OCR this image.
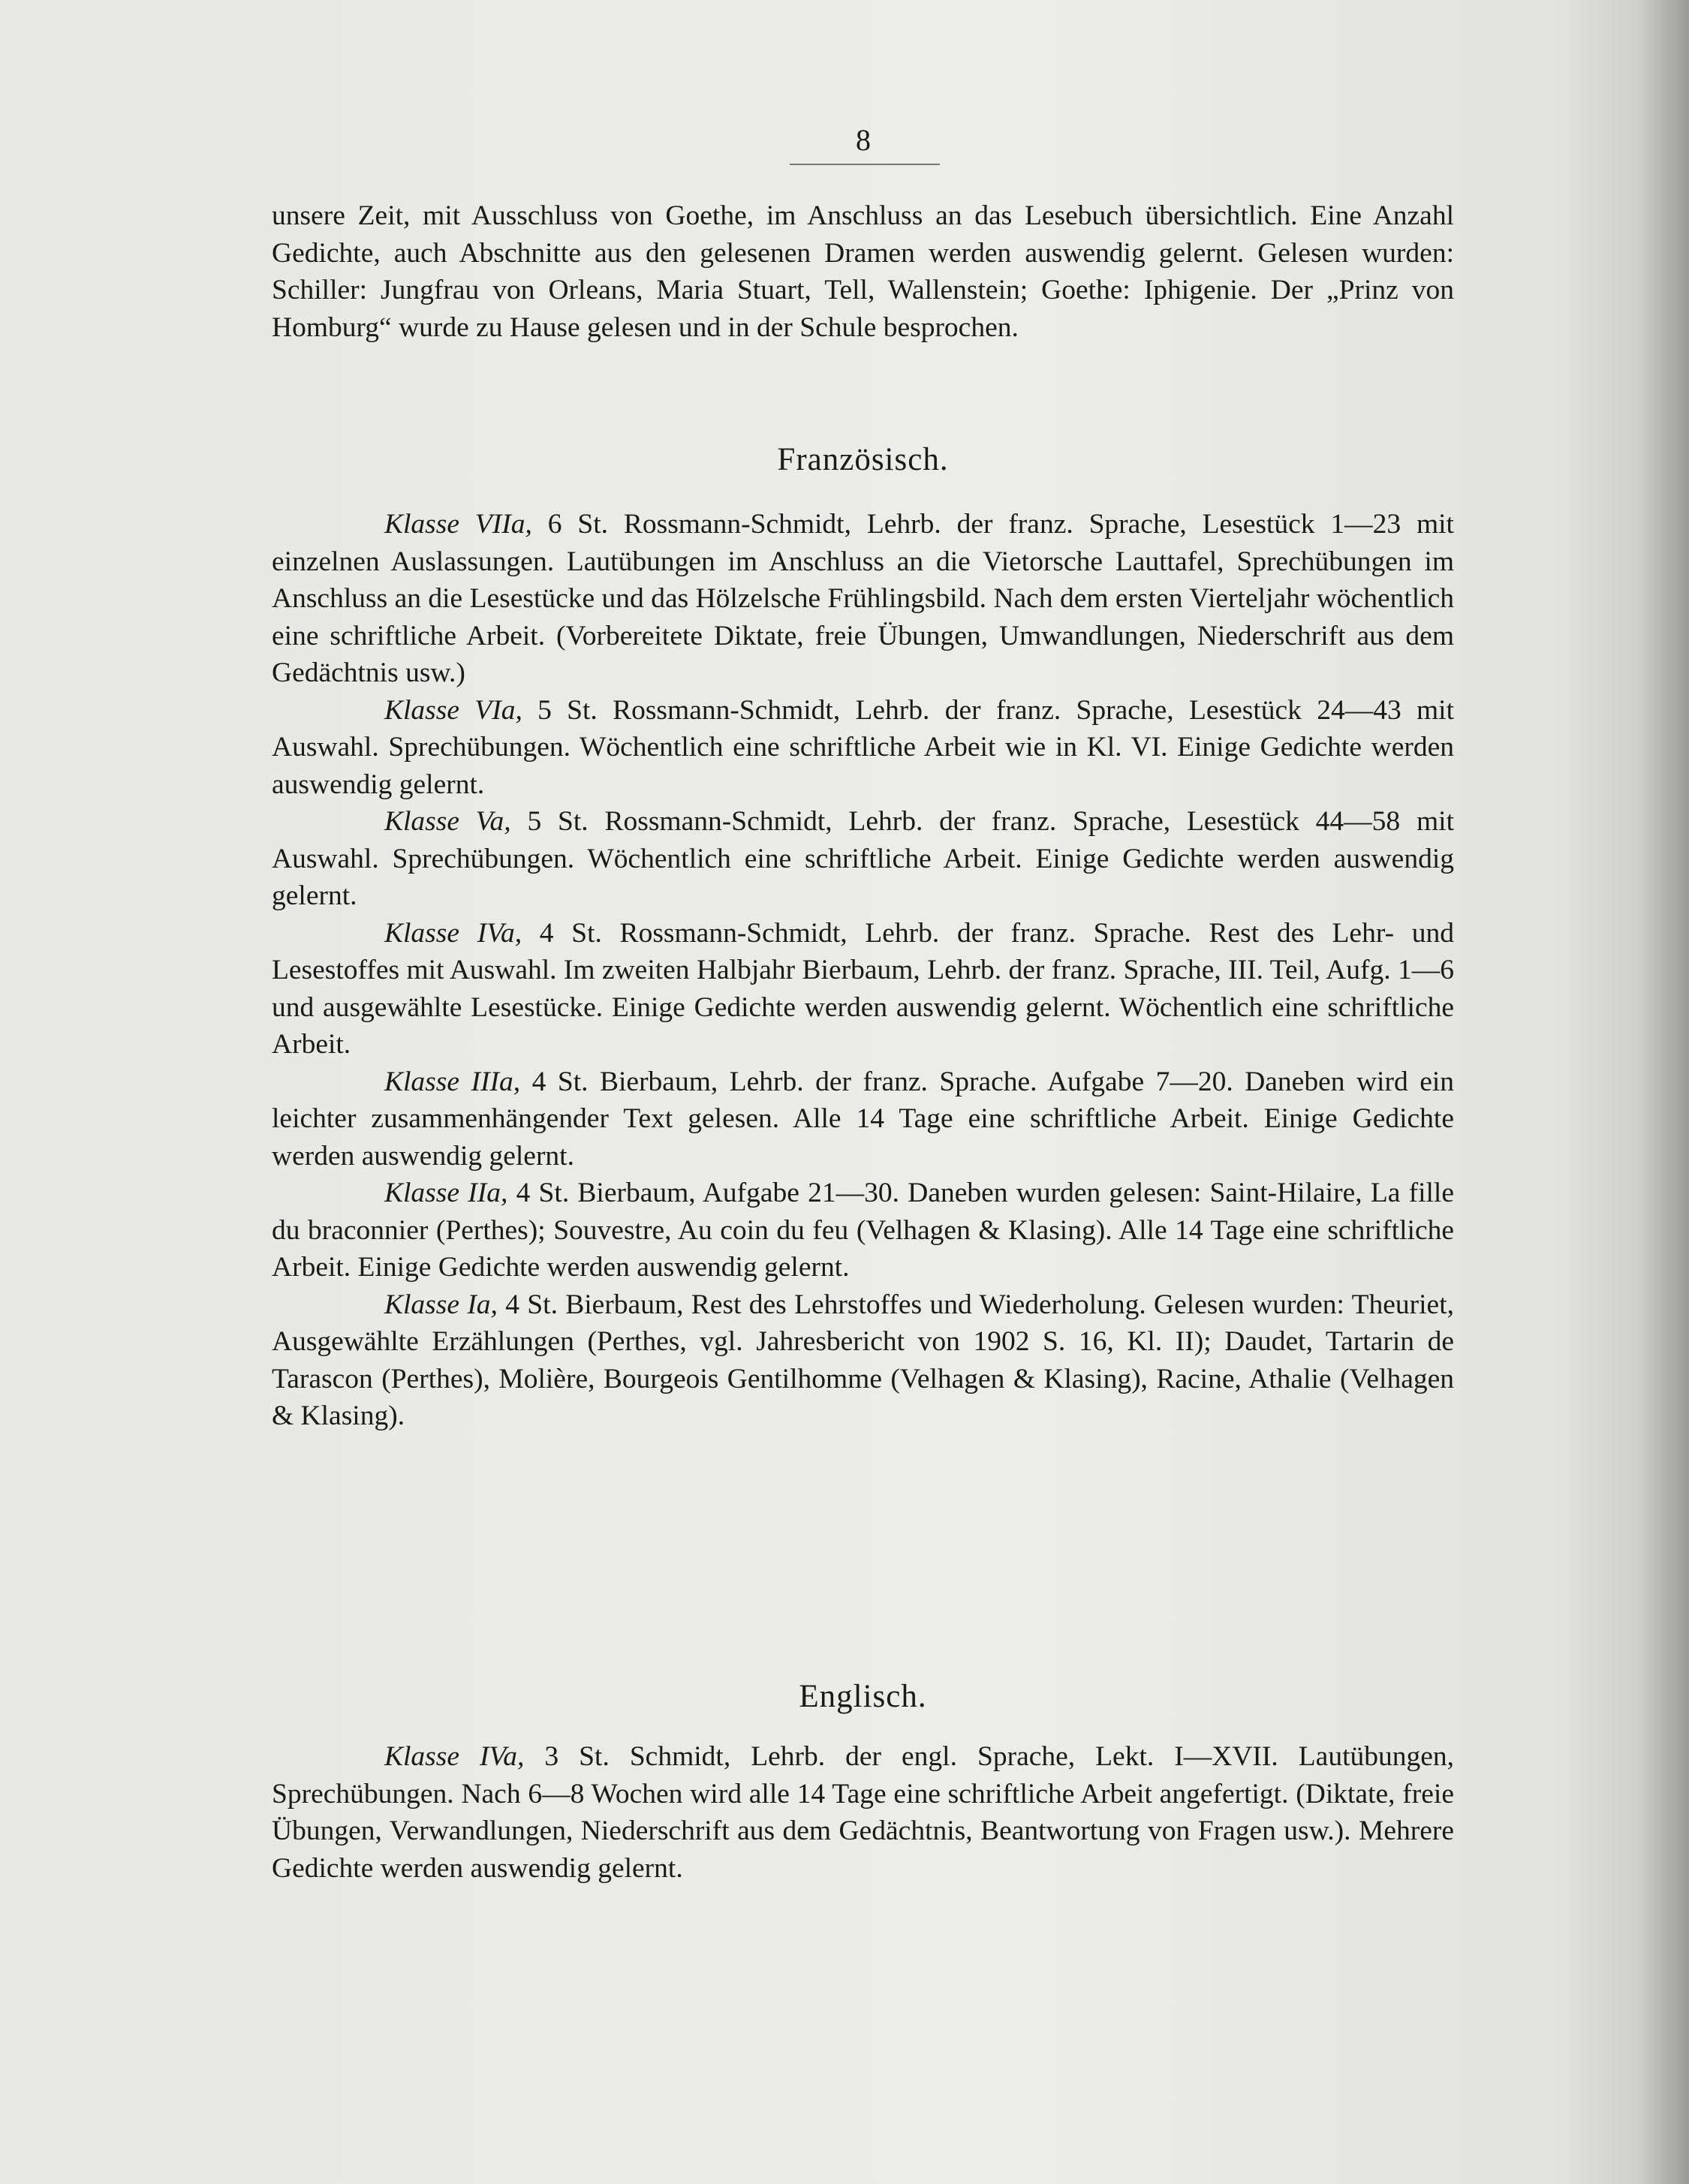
8

unsere Zeit, mit Ausschluss von Goethe, im Anschluss an das Lesebuch übersichtlich. Eine Anzahl Gedichte, auch Abschnitte aus den gelesenen Dramen werden auswendig gelernt. Gelesen wurden: Schiller: Jungfrau von Orleans, Maria Stuart, Tell, Wallenstein; Goethe: Iphigenie. Der „Prinz von Homburg“ wurde zu Hause gelesen und in der Schule besprochen.

Französisch.

Klasse VIIa, 6 St. Rossmann-Schmidt, Lehrb. der franz. Sprache, Lesestück 1—23 mit einzelnen Auslassungen. Lautübungen im Anschluss an die Vietorsche Lauttafel, Sprechübungen im Anschluss an die Lesestücke und das Hölzelsche Frühlingsbild. Nach dem ersten Vierteljahr wöchentlich eine schriftliche Arbeit. (Vorbereitete Diktate, freie Übungen, Umwandlungen, Niederschrift aus dem Gedächtnis usw.)

Klasse VIa, 5 St. Rossmann-Schmidt, Lehrb. der franz. Sprache, Lesestück 24—43 mit Auswahl. Sprechübungen. Wöchentlich eine schriftliche Arbeit wie in Kl. VI. Einige Gedichte werden auswendig gelernt.

Klasse Va, 5 St. Rossmann-Schmidt, Lehrb. der franz. Sprache, Lesestück 44—58 mit Auswahl. Sprechübungen. Wöchentlich eine schriftliche Arbeit. Einige Gedichte werden auswendig gelernt.

Klasse IVa, 4 St. Rossmann-Schmidt, Lehrb. der franz. Sprache. Rest des Lehr- und Lesestoffes mit Auswahl. Im zweiten Halbjahr Bierbaum, Lehrb. der franz. Sprache, III. Teil, Aufg. 1—6 und ausgewählte Lesestücke. Einige Gedichte werden auswendig gelernt. Wöchentlich eine schriftliche Arbeit.

Klasse IIIa, 4 St. Bierbaum, Lehrb. der franz. Sprache. Aufgabe 7—20. Daneben wird ein leichter zusammenhängender Text gelesen. Alle 14 Tage eine schriftliche Arbeit. Einige Gedichte werden auswendig gelernt.

Klasse IIa, 4 St. Bierbaum, Aufgabe 21—30. Daneben wurden gelesen: Saint-Hilaire, La fille du braconnier (Perthes); Souvestre, Au coin du feu (Velhagen & Klasing). Alle 14 Tage eine schriftliche Arbeit. Einige Gedichte werden auswendig gelernt.

Klasse Ia, 4 St. Bierbaum, Rest des Lehrstoffes und Wiederholung. Gelesen wurden: Theuriet, Ausgewählte Erzählungen (Perthes, vgl. Jahresbericht von 1902 S. 16, Kl. II); Daudet, Tartarin de Tarascon (Perthes), Molière, Bourgeois Gentilhomme (Velhagen & Klasing), Racine, Athalie (Velhagen & Klasing).

Englisch.

Klasse IVa, 3 St. Schmidt, Lehrb. der engl. Sprache, Lekt. I—XVII. Lautübungen, Sprechübungen. Nach 6—8 Wochen wird alle 14 Tage eine schriftliche Arbeit angefertigt. (Diktate, freie Übungen, Verwandlungen, Niederschrift aus dem Gedächtnis, Beantwortung von Fragen usw.). Mehrere Gedichte werden auswendig gelernt.
